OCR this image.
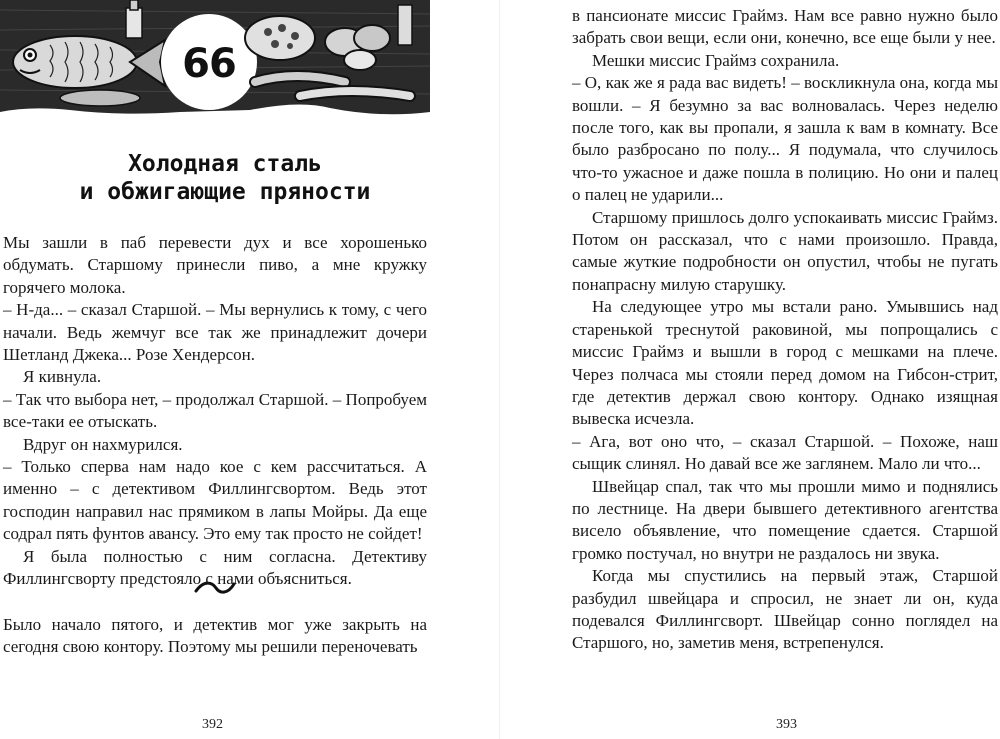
66
Холодная сталь
и обжигающие пряности

Мы зашли в паб перевести дух и все хорошенько обдумать. Старшому принесли пиво, а мне кружку горячего молока.

– Н-да... – сказал Старшой. – Мы вернулись к тому, с чего начали. Ведь жемчуг все так же принадлежит дочери Шетланд Джека... Розе Хендерсон.

Я кивнула.

– Так что выбора нет, – продолжал Старшой. – Попробуем все-таки ее отыскать.

Вдруг он нахмурился.

– Только сперва нам надо кое с кем рассчитаться. А именно – с детективом Филлингсвортом. Ведь этот господин направил нас прямиком в лапы Мойры. Да еще содрал пять фунтов авансу. Это ему так просто не сойдет!

Я была полностью с ним согласна. Детективу Филлингсворту предстояло с нами объясниться.

Было начало пятого, и детектив мог уже закрыть на сегодня свою контору. Поэтому мы решили переночевать

392

в пансионате миссис Граймз. Нам все равно нужно было забрать свои вещи, если они, конечно, все еще были у нее.

Мешки миссис Граймз сохранила.

– О, как же я рада вас видеть! – воскликнула она, когда мы вошли. – Я безумно за вас волновалась. Через неделю после того, как вы пропали, я зашла к вам в комнату. Все было разбросано по полу... Я подумала, что случилось что-то ужасное и даже пошла в полицию. Но они и палец о палец не ударили...

Старшому пришлось долго успокаивать миссис Граймз. Потом он рассказал, что с нами произошло. Правда, самые жуткие подробности он опустил, чтобы не пугать понапрасну милую старушку.

На следующее утро мы встали рано. Умывшись над старенькой треснутой раковиной, мы попрощались с миссис Граймз и вышли в город с мешками на плече. Через полчаса мы стояли перед домом на Гибсон-стрит, где детектив держал свою контору. Однако изящная вывеска исчезла.

– Ага, вот оно что, – сказал Старшой. – Похоже, наш сыщик слинял. Но давай все же заглянем. Мало ли что...

Швейцар спал, так что мы прошли мимо и поднялись по лестнице. На двери бывшего детективного агентства висело объявление, что помещение сдается. Старшой громко постучал, но внутри не раздалось ни звука.

Когда мы спустились на первый этаж, Старшой разбудил швейцара и спросил, не знает ли он, куда подевался Филлингсворт. Швейцар сонно поглядел на Старшого, но, заметив меня, встрепенулся.

393
